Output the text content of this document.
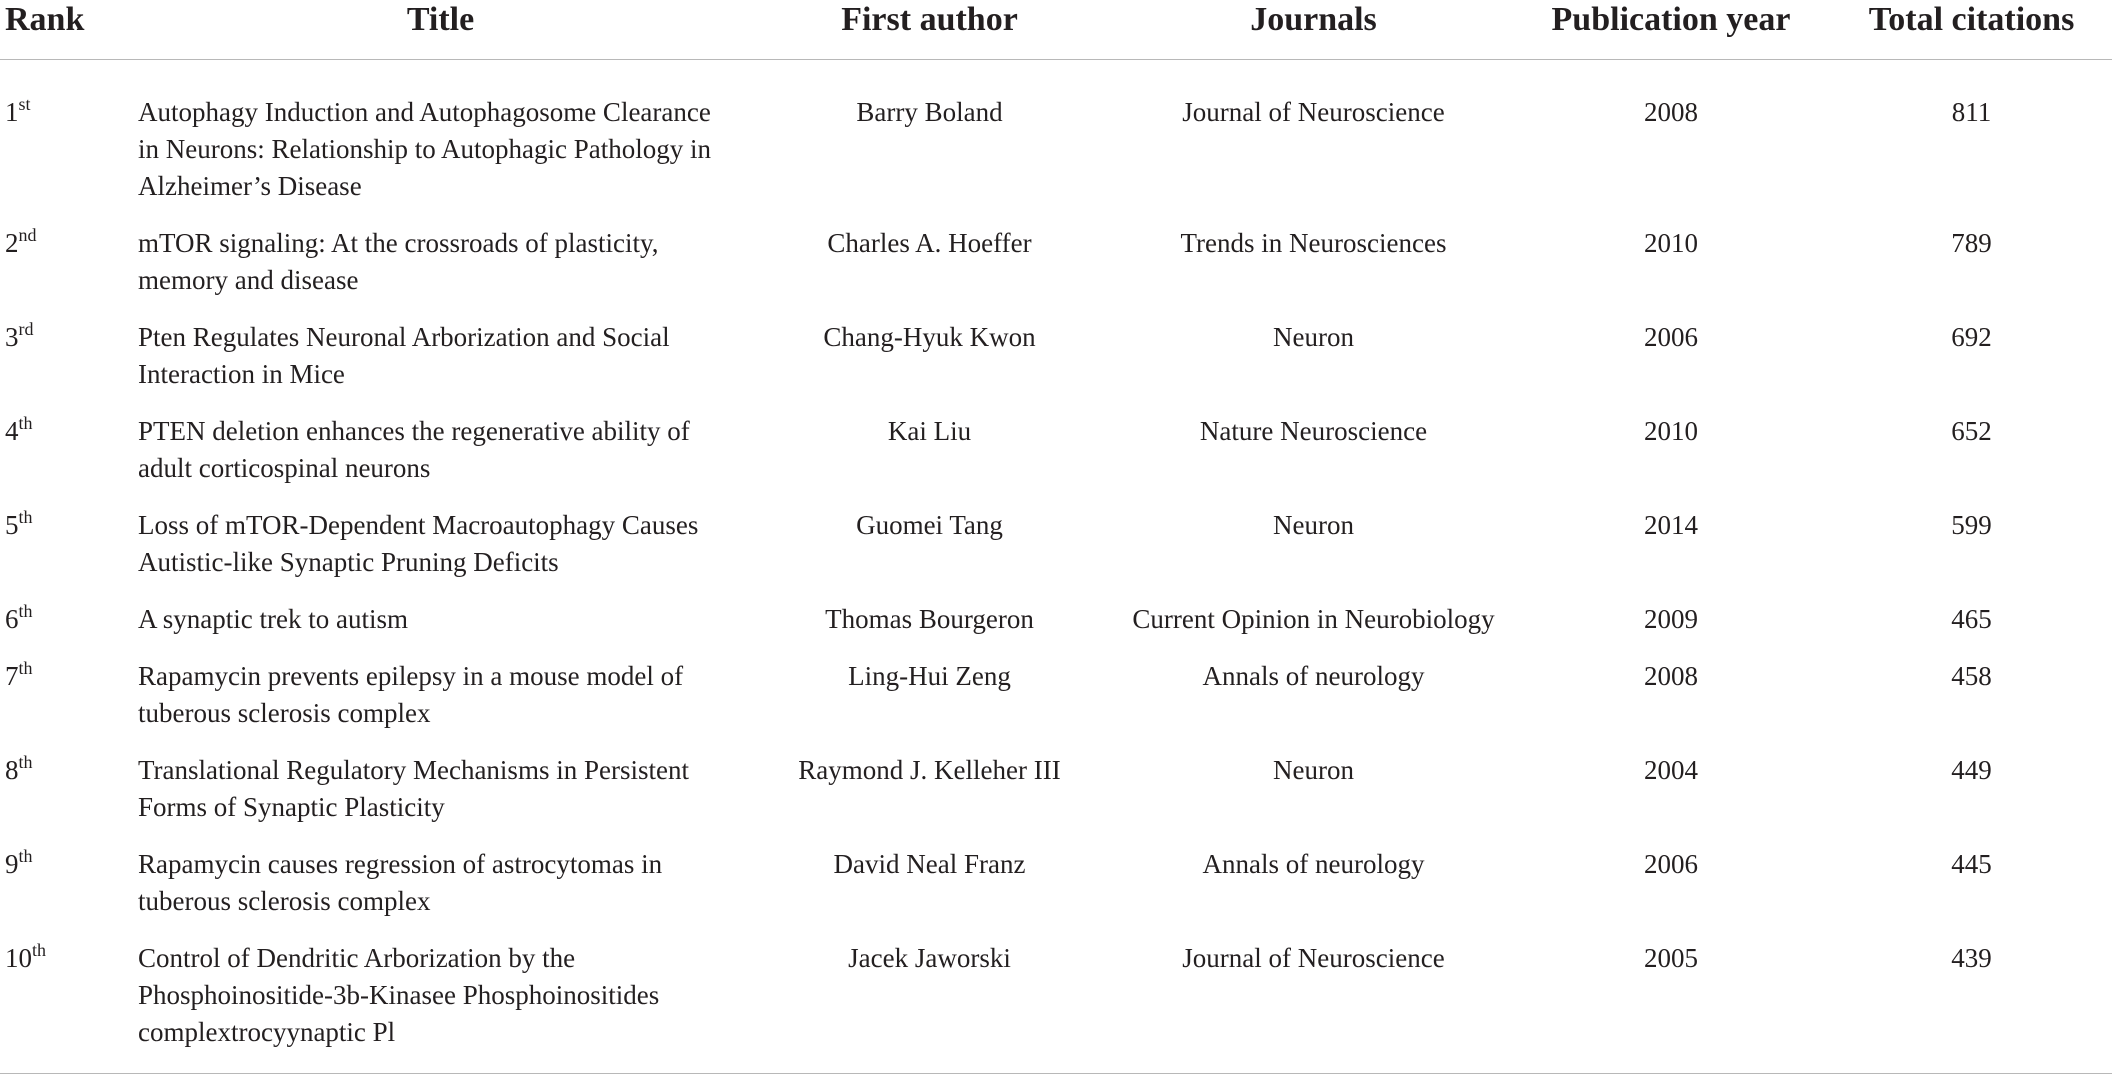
Rank	Title	First author	Journals	Publication year	Total citations
1st	Autophagy Induction and Autophagosome Clearance in Neurons: Relationship to Autophagic Pathology in Alzheimer’s Disease	Barry Boland	Journal of Neuroscience	2008	811
2nd	mTOR signaling: At the crossroads of plasticity, memory and disease	Charles A. Hoeffer	Trends in Neurosciences	2010	789
3rd	Pten Regulates Neuronal Arborization and Social Interaction in Mice	Chang-Hyuk Kwon	Neuron	2006	692
4th	PTEN deletion enhances the regenerative ability of adult corticospinal neurons	Kai Liu	Nature Neuroscience	2010	652
5th	Loss of mTOR-Dependent Macroautophagy Causes Autistic-like Synaptic Pruning Deficits	Guomei Tang	Neuron	2014	599
6th	A synaptic trek to autism	Thomas Bourgeron	Current Opinion in Neurobiology	2009	465
7th	Rapamycin prevents epilepsy in a mouse model of tuberous sclerosis complex	Ling-Hui Zeng	Annals of neurology	2008	458
8th	Translational Regulatory Mechanisms in Persistent Forms of Synaptic Plasticity	Raymond J. Kelleher III	Neuron	2004	449
9th	Rapamycin causes regression of astrocytomas in tuberous sclerosis complex	David Neal Franz	Annals of neurology	2006	445
10th	Control of Dendritic Arborization by the Phosphoinositide-3b-Kinasee Phosphoinositides complextrocyynaptic Pl	Jacek Jaworski	Journal of Neuroscience	2005	439
